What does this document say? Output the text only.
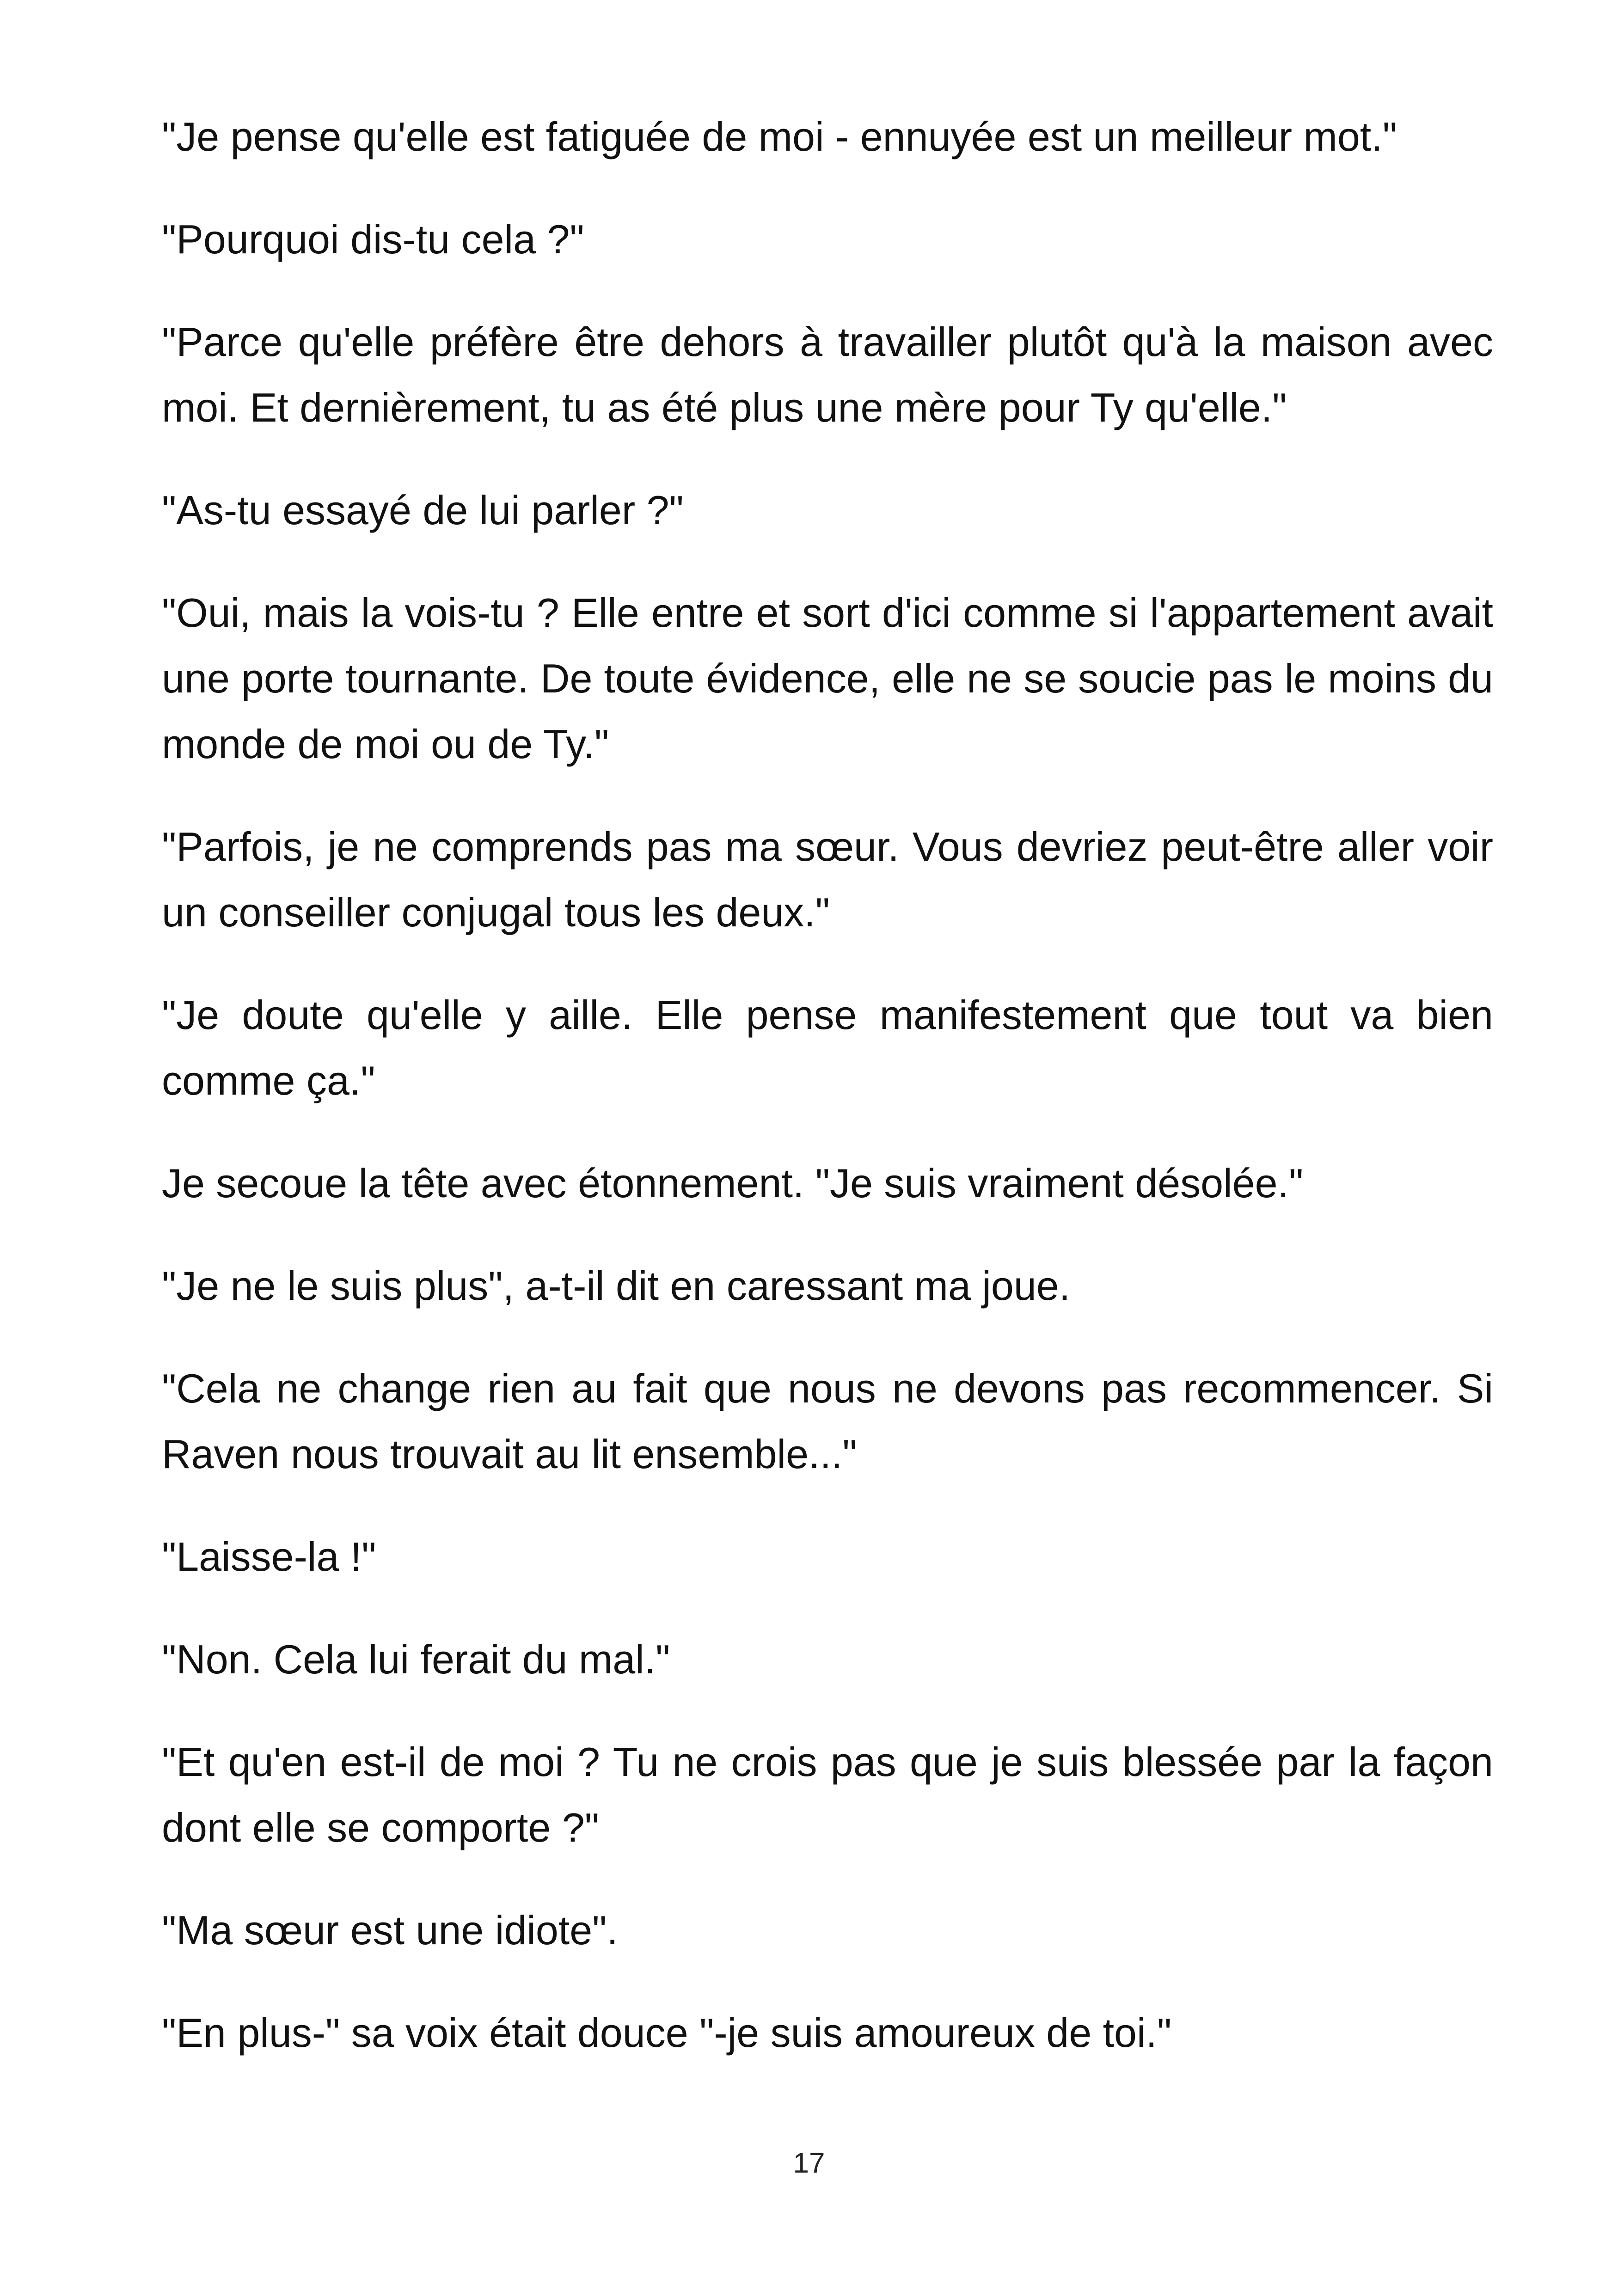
"Je pense qu'elle est fatiguée de moi - ennuyée est un meilleur mot."

"Pourquoi dis-tu cela ?"

"Parce qu'elle préfère être dehors à travailler plutôt qu'à la maison avec moi. Et dernièrement, tu as été plus une mère pour Ty qu'elle."

"As-tu essayé de lui parler ?"

"Oui, mais la vois-tu ? Elle entre et sort d'ici comme si l'appartement avait une porte tournante. De toute évidence, elle ne se soucie pas le moins du monde de moi ou de Ty."

"Parfois, je ne comprends pas ma sœur. Vous devriez peut-être aller voir un conseiller conjugal tous les deux."

"Je doute qu'elle y aille. Elle pense manifestement que tout va bien comme ça."

Je secoue la tête avec étonnement. "Je suis vraiment désolée."

"Je ne le suis plus", a-t-il dit en caressant ma joue.

"Cela ne change rien au fait que nous ne devons pas recommencer. Si Raven nous trouvait au lit ensemble..."

"Laisse-la !"

"Non. Cela lui ferait du mal."

"Et qu'en est-il de moi ? Tu ne crois pas que je suis blessée par la façon dont elle se comporte ?"

"Ma sœur est une idiote".

"En plus-" sa voix était douce "-je suis amoureux de toi."

17
